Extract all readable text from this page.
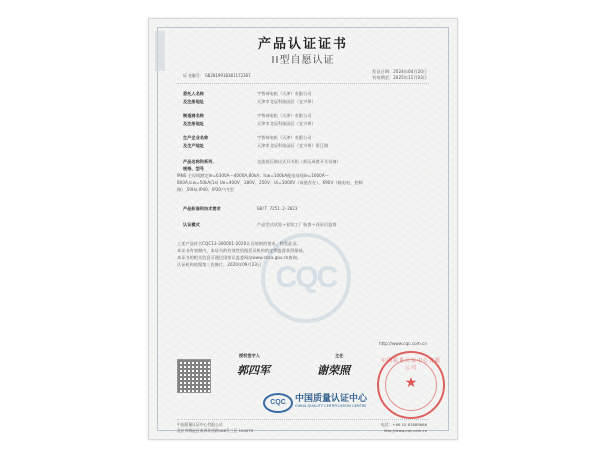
CQC
产品认证证书
II型自愿认证
证书编号： GB2019910301172367
发证日期：2024年04月20日
有效期至：2025年11月03日
委托人名称	宇智神电机（天津）有限公司
及注册地址	天津市北辰科技园区（宜兴埠）
制造商名称	宇智神电机（天津）有限公司
及注册地址	天津市北辰科技园区（宜兴埠）
生产企业名称	宇智神电机（天津）有限公司
及生产地址	天津市北辰科技园区（宜兴埠）景江路
产品名称和系列、
规格、型号
交流低压抽出式开关柜（低压成套开关设备）
MNS 主母线额定Ie=6300A～4000A,80kA；Icw=100kA配电母线Ie=1600A～
800A,Icw=50kA(1s) Ue=400V、380V、250V；Ui=1000V（该值存在）、690V（辅电电、控制
路）,50Hz,IP40；IP30户内型
产品标准和技术要求	GB/T 7251.2-2023
认证模式	产品型式试验＋初次工厂检查＋获证后监督
上述产品符合CQC13-300001-2020认证规则的要求，特发此证。
本证书有效期内，本证书的有效性依据发证机构的定期监督获得保持。
本证书的相关信息可通过国家认监委网站www.cnca.gov.cn查询。
认证机构依据第三次修订，2020年09月23日
http://www.cqc.com.cn
授权签字人
郭四军
主任
谢荣照
CQC	中国质量认证中心
CHINA QUALITY CERTIFICATION CENTRE
中国质量认证中心有限公司
★
中国质量认证中心有限公司
北京市海淀区南四环西路188号三区 100070
电话：+86 10 83886666
http://www.cqc.com.cn
